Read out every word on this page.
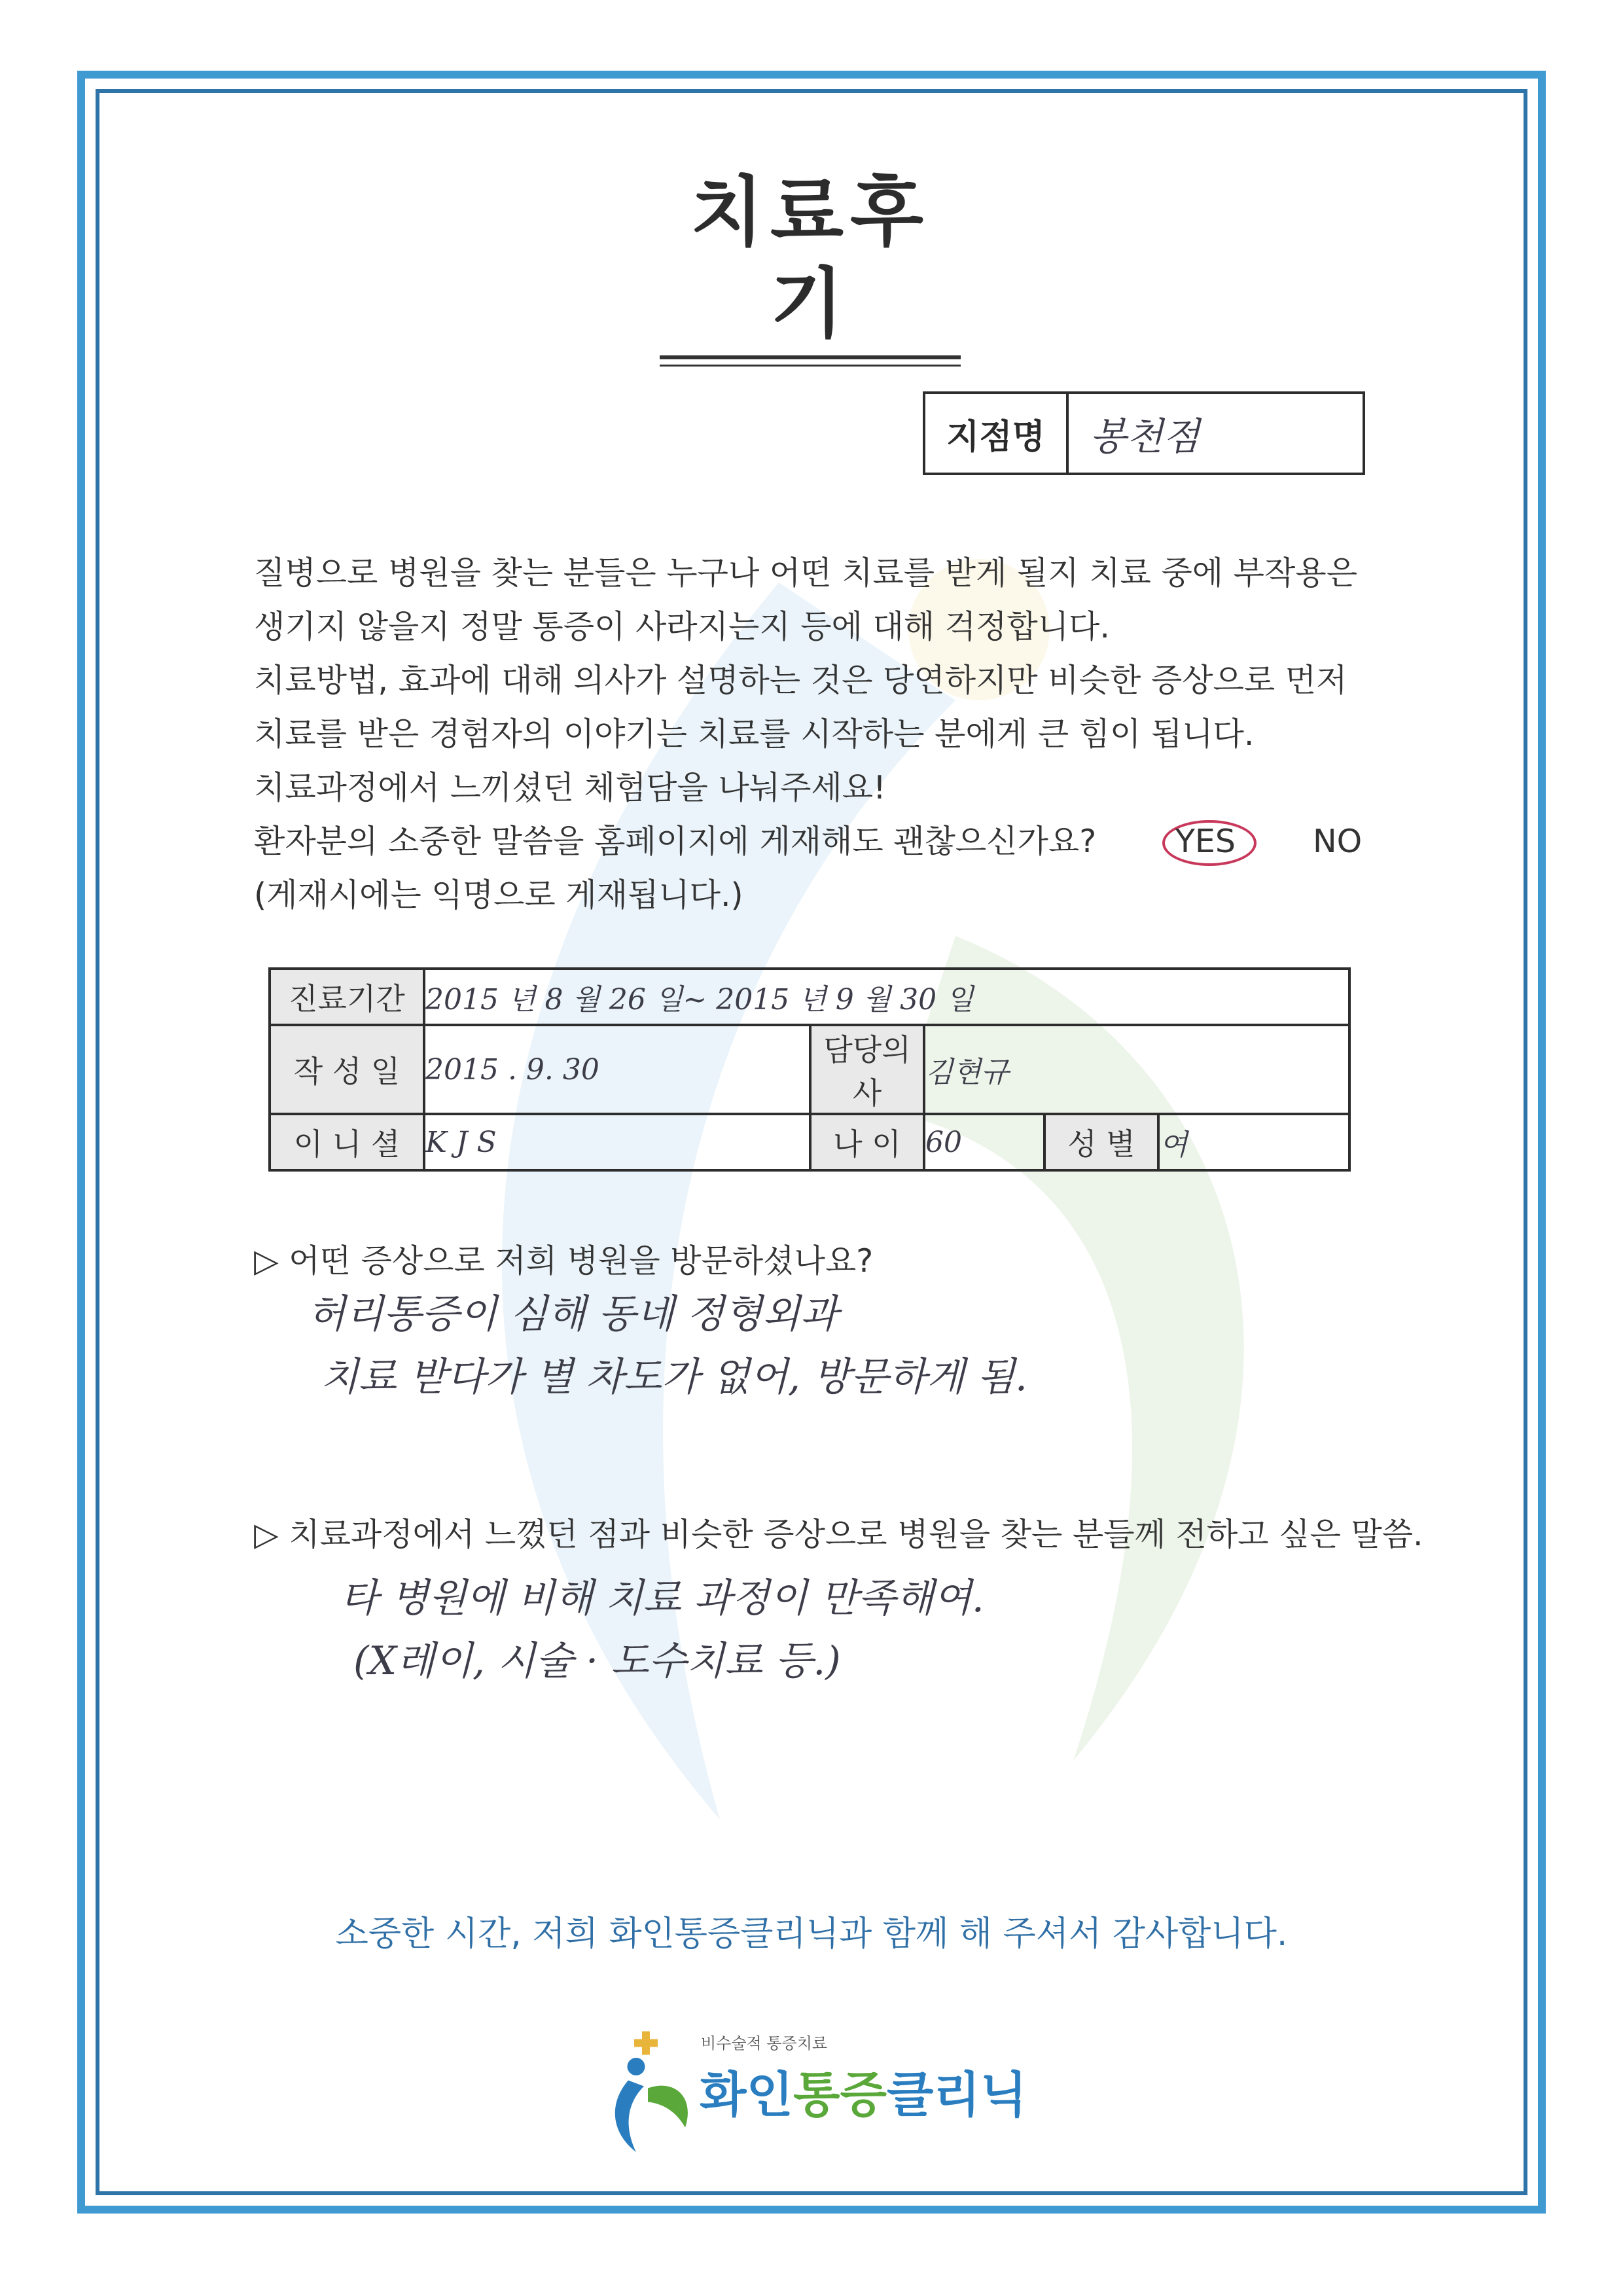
치료후기
지점명	봉천점

질병으로 병원을 찾는 분들은 누구나 어떤 치료를 받게 될지 치료 중에 부작용은

생기지 않을지 정말 통증이 사라지는지 등에 대해 걱정합니다.

치료방법, 효과에 대해 의사가 설명하는 것은 당연하지만 비슷한 증상으로 먼저

치료를 받은 경험자의 이야기는 치료를 시작하는 분에게 큰 힘이 됩니다.

치료과정에서 느끼셨던 체험담을 나눠주세요!

환자분의 소중한 말씀을 홈페이지에 게재해도 괜찮으신가요? YES NO

(게재시에는 익명으로 게재됩니다.)

진료기간	2015 년 8 월 26 일~ 2015 년 9 월 30 일				
작 성 일	2015 . 9. 30	담당의사	김현규		
이 니 셜	K J S	나 이	60	성 별	여
▷ 어떤 증상으로 저희 병원을 방문하셨나요?
허리통증이 심해 동네 정형외과
치료 받다가 별 차도가 없어, 방문하게 됨.
▷ 치료과정에서 느꼈던 점과 비슷한 증상으로 병원을 찾는 분들께 전하고 싶은 말씀.
타 병원에 비해 치료 과정이 만족해여.
(X레이, 시술 · 도수치료 등.)
소중한 시간, 저희 화인통증클리닉과 함께 해 주셔서 감사합니다.
비수술적 통증치료
화인통증클리닉
